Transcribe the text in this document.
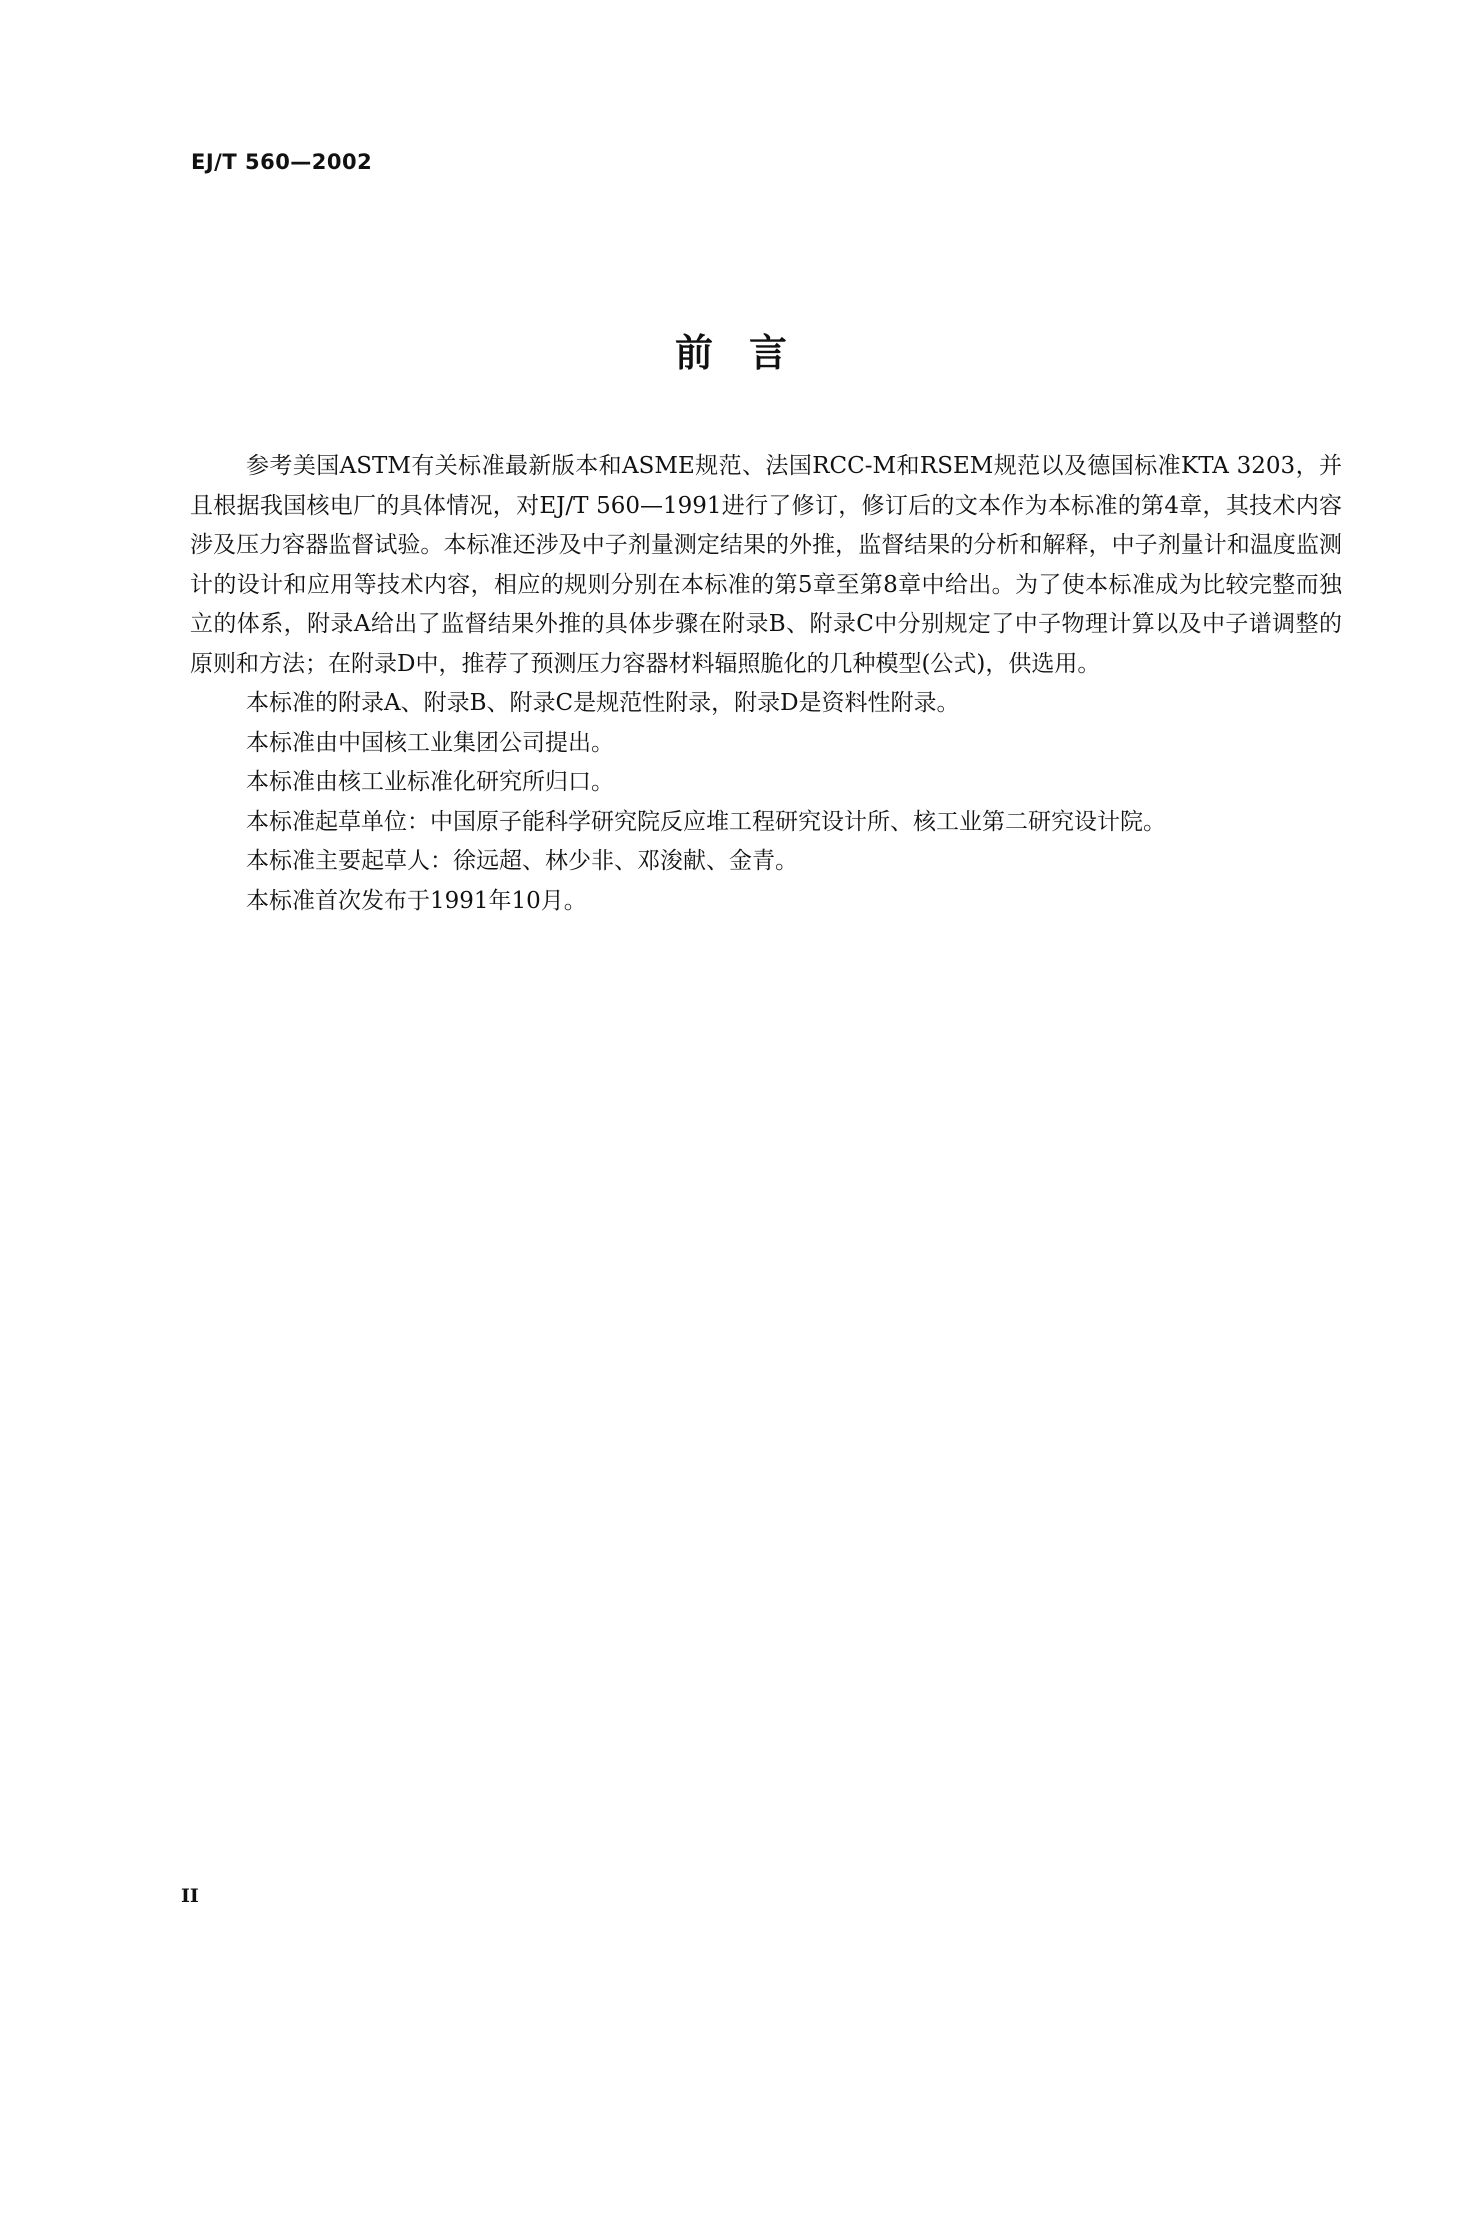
EJ/T 560—2002
前言

参考美国ASTM有关标准最新版本和ASME规范、法国RCC-M和RSEM规范以及德国标准KTA 3203，并且根据我国核电厂的具体情况，对EJ/T 560—1991进行了修订，修订后的文本作为本标准的第4章，其技术内容涉及压力容器监督试验。本标准还涉及中子剂量测定结果的外推，监督结果的分析和解释，中子剂量计和温度监测计的设计和应用等技术内容，相应的规则分别在本标准的第5章至第8章中给出。为了使本标准成为比较完整而独立的体系，附录A给出了监督结果外推的具体步骤在附录B、附录C中分别规定了中子物理计算以及中子谱调整的原则和方法；在附录D中，推荐了预测压力容器材料辐照脆化的几种模型(公式)，供选用。

本标准的附录A、附录B、附录C是规范性附录，附录D是资料性附录。

本标准由中国核工业集团公司提出。

本标准由核工业标准化研究所归口。

本标准起草单位：中国原子能科学研究院反应堆工程研究设计所、核工业第二研究设计院。

本标准主要起草人：徐远超、林少非、邓浚献、金青。

本标准首次发布于1991年10月。

II
